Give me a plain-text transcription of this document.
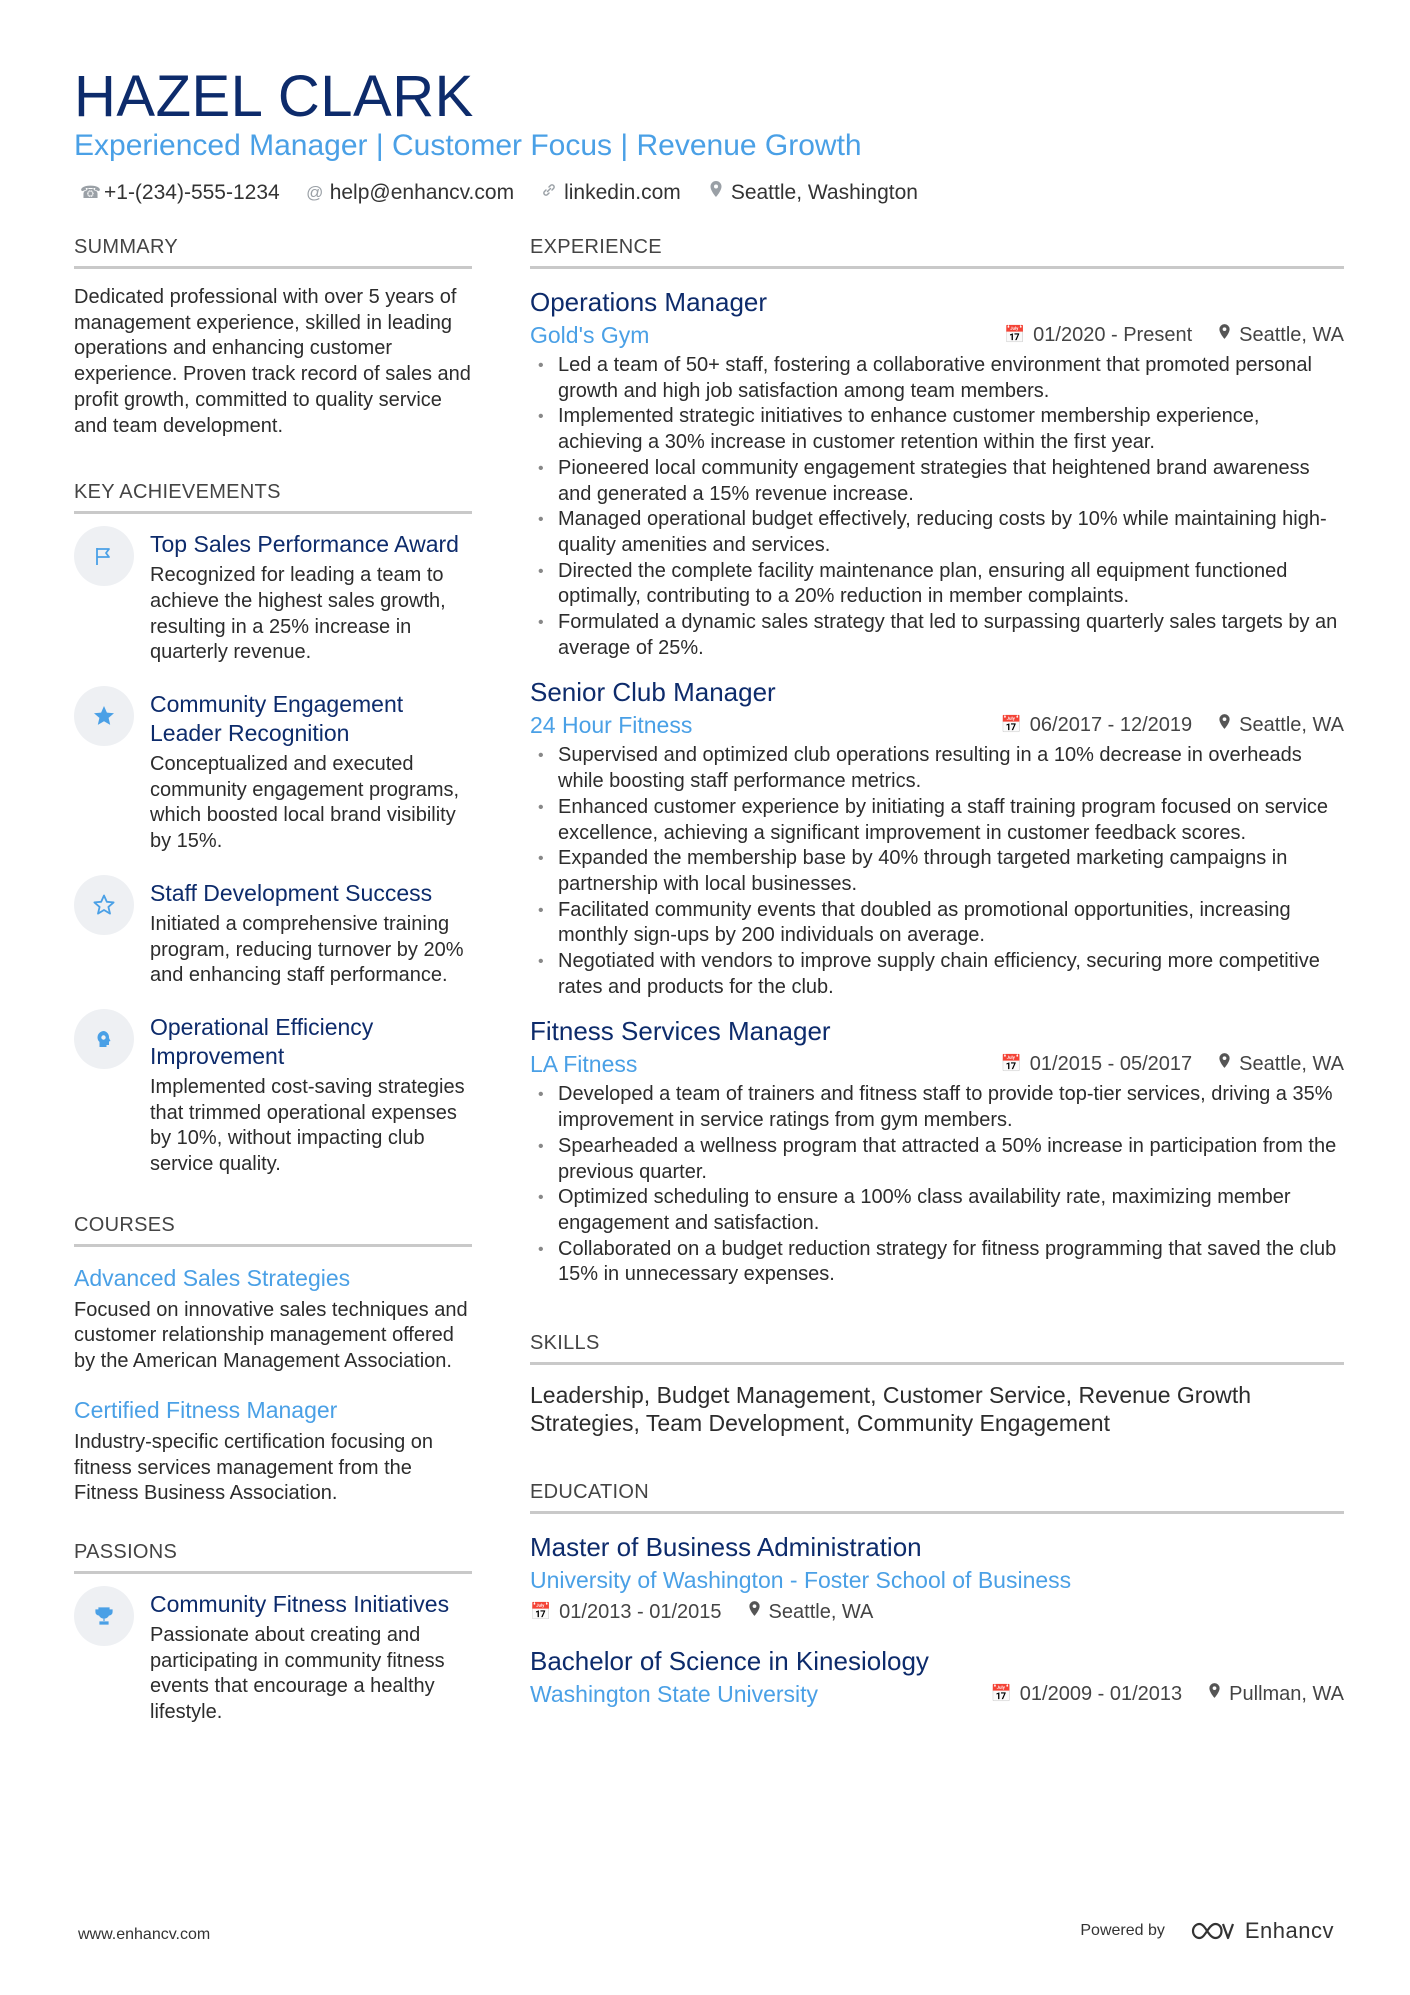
HAZEL CLARK
Experienced Manager | Customer Focus | Revenue Growth
☎ +1-(234)-555-1234 @ help@enhancv.com linkedin.com Seattle, Washington
SUMMARY
Dedicated professional with over 5 years of management experience, skilled in leading operations and enhancing customer experience. Proven track record of sales and profit growth, committed to quality service and team development.
KEY ACHIEVEMENTS
Top Sales Performance Award
Recognized for leading a team to achieve the highest sales growth, resulting in a 25% increase in quarterly revenue.
Community Engagement Leader Recognition
Conceptualized and executed community engagement programs, which boosted local brand visibility by 15%.
Staff Development Success
Initiated a comprehensive training program, reducing turnover by 20% and enhancing staff performance.
Operational Efficiency Improvement
Implemented cost-saving strategies that trimmed operational expenses by 10%, without impacting club service quality.
COURSES
Advanced Sales Strategies
Focused on innovative sales techniques and customer relationship management offered by the American Management Association.
Certified Fitness Manager
Industry-specific certification focusing on fitness services management from the Fitness Business Association.
PASSIONS
Community Fitness Initiatives
Passionate about creating and participating in community fitness events that encourage a healthy lifestyle.
EXPERIENCE
Operations Manager
Gold's Gym	📅 01/2020 - Present Seattle, WA
• Led a team of 50+ staff, fostering a collaborative environment that promoted personal growth and high job satisfaction among team members.
• Implemented strategic initiatives to enhance customer membership experience, achieving a 30% increase in customer retention within the first year.
• Pioneered local community engagement strategies that heightened brand awareness and generated a 15% revenue increase.
• Managed operational budget effectively, reducing costs by 10% while maintaining high-quality amenities and services.
• Directed the complete facility maintenance plan, ensuring all equipment functioned optimally, contributing to a 20% reduction in member complaints.
• Formulated a dynamic sales strategy that led to surpassing quarterly sales targets by an average of 25%.
Senior Club Manager
24 Hour Fitness	📅 06/2017 - 12/2019 Seattle, WA
• Supervised and optimized club operations resulting in a 10% decrease in overheads while boosting staff performance metrics.
• Enhanced customer experience by initiating a staff training program focused on service excellence, achieving a significant improvement in customer feedback scores.
• Expanded the membership base by 40% through targeted marketing campaigns in partnership with local businesses.
• Facilitated community events that doubled as promotional opportunities, increasing monthly sign-ups by 200 individuals on average.
• Negotiated with vendors to improve supply chain efficiency, securing more competitive rates and products for the club.
Fitness Services Manager
LA Fitness	📅 01/2015 - 05/2017 Seattle, WA
• Developed a team of trainers and fitness staff to provide top-tier services, driving a 35% improvement in service ratings from gym members.
• Spearheaded a wellness program that attracted a 50% increase in participation from the previous quarter.
• Optimized scheduling to ensure a 100% class availability rate, maximizing member engagement and satisfaction.
• Collaborated on a budget reduction strategy for fitness programming that saved the club 15% in unnecessary expenses.
SKILLS
Leadership, Budget Management, Customer Service, Revenue Growth Strategies, Team Development, Community Engagement
EDUCATION
Master of Business Administration
University of Washington - Foster School of Business
📅 01/2013 - 01/2015 Seattle, WA
Bachelor of Science in Kinesiology
Washington State University	📅 01/2009 - 01/2013 Pullman, WA
www.enhancv.com	Powered by	Enhancv
